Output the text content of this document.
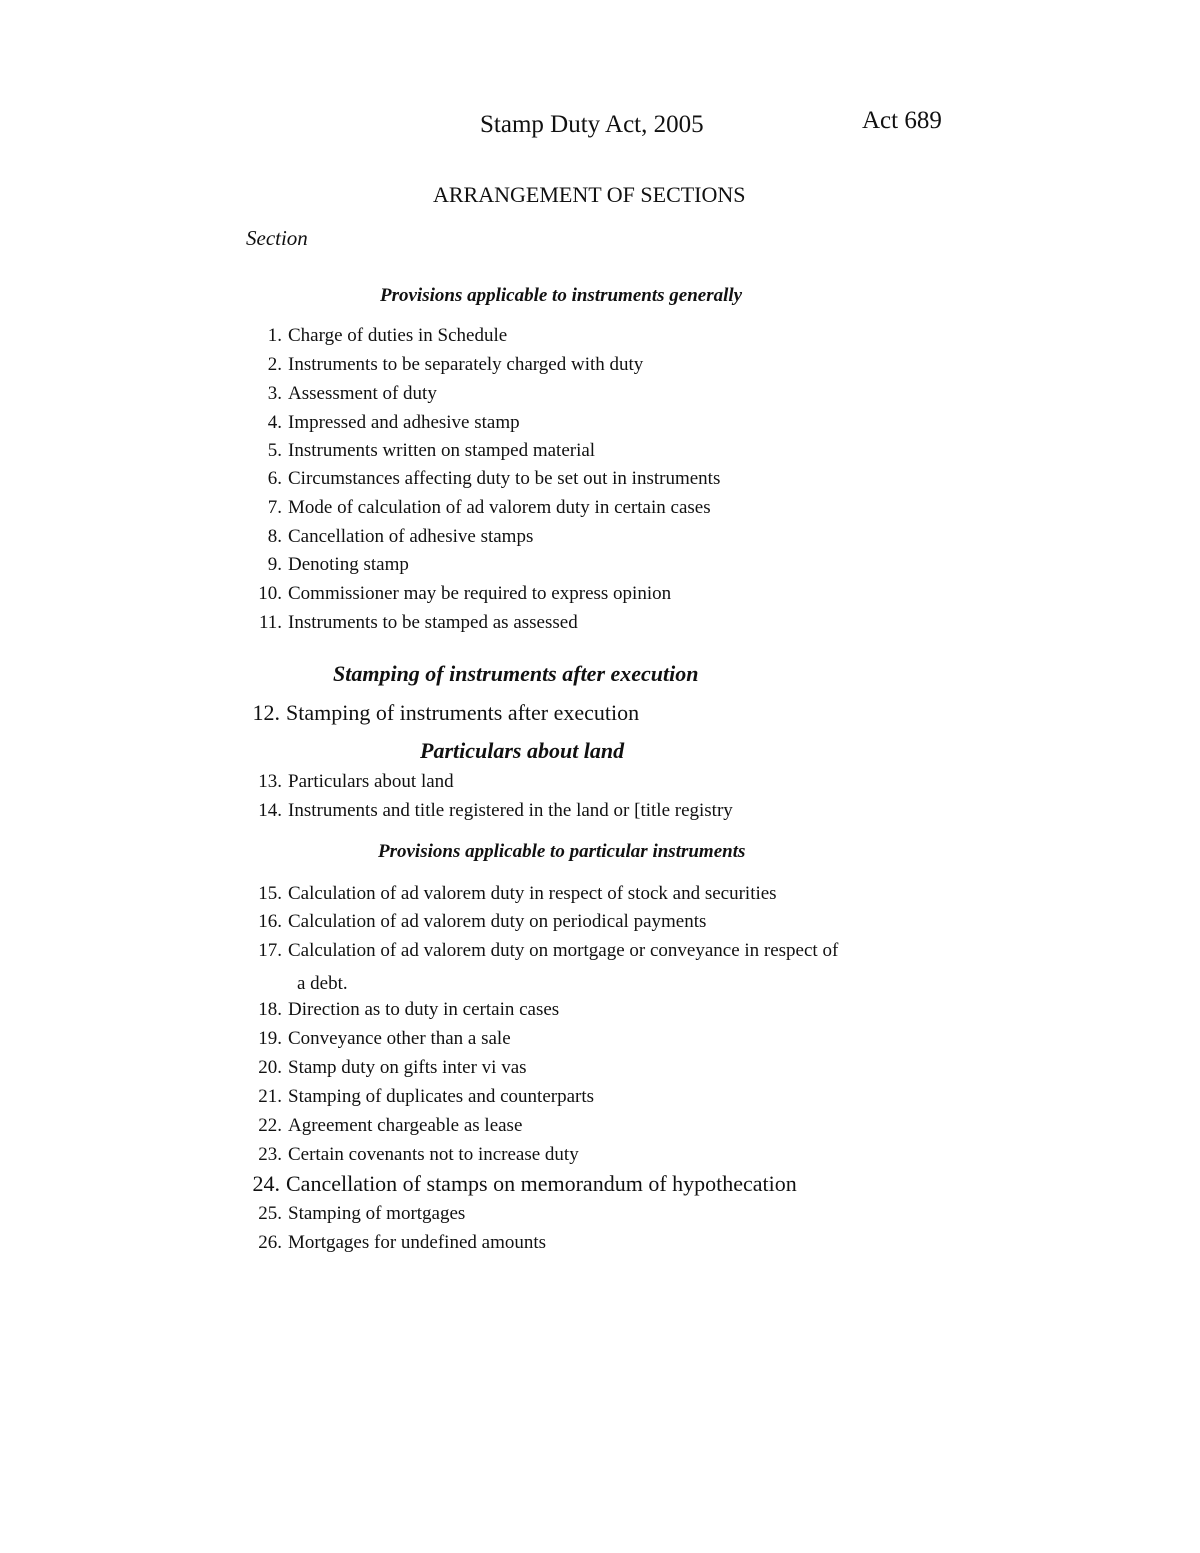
Stamp Duty Act, 2005	Act 689
ARRANGEMENT OF SECTIONS
Section
Provisions applicable to instruments generally
1. Charge of duties in Schedule
2. Instruments to be separately charged with duty
3. Assessment of duty
4. Impressed and adhesive stamp
5. Instruments written on stamped material
6. Circumstances affecting duty to be set out in instruments
7. Mode of calculation of ad valorem duty in certain cases
8. Cancellation of adhesive stamps
9. Denoting stamp
10. Commissioner may be required to express opinion
11. Instruments to be stamped as assessed
Stamping of instruments after execution
12. Stamping of instruments after execution
Particulars about land
13. Particulars about land
14. Instruments and title registered in the land or [title registry
Provisions applicable to particular instruments
15. Calculation of ad valorem duty in respect of stock and securities
16. Calculation of ad valorem duty on periodical payments
17. Calculation of ad valorem duty on mortgage or conveyance in respect of
a debt.
18. Direction as to duty in certain cases
19. Conveyance other than a sale
20. Stamp duty on gifts inter vi vas
21. Stamping of duplicates and counterparts
22. Agreement chargeable as lease
23. Certain covenants not to increase duty
24. Cancellation of stamps on memorandum of hypothecation
25. Stamping of mortgages
26. Mortgages for undefined amounts
